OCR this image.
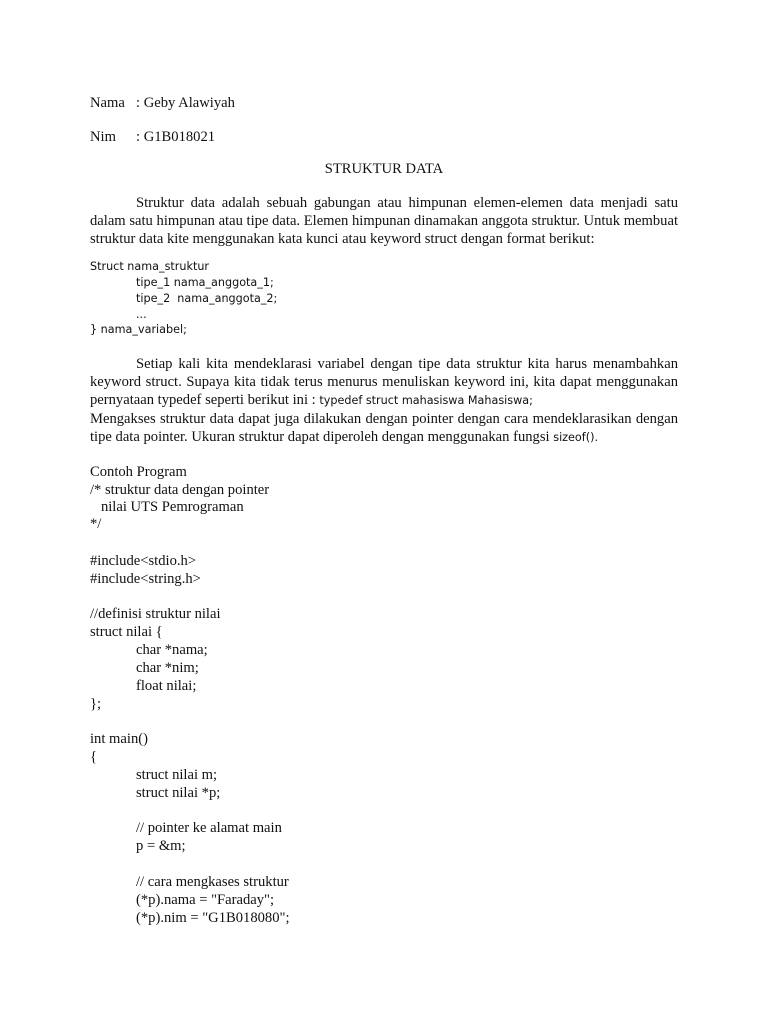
Nama : Geby Alawiyah
Nim : G1B018021
STRUKTUR DATA
Struktur data adalah sebuah gabungan atau himpunan elemen-elemen data menjadi satu dalam satu himpunan atau tipe data. Elemen himpunan dinamakan anggota struktur. Untuk membuat struktur data kite menggunakan kata kunci atau keyword struct dengan format berikut:
Struct nama_struktur
tipe_1 nama_anggota_1;
tipe_2  nama_anggota_2;
...
} nama_variabel;
Setiap kali kita mendeklarasi variabel dengan tipe data struktur kita harus menambahkan keyword struct. Supaya kita tidak terus menurus menuliskan keyword ini, kita dapat menggunakan pernyataan typedef seperti berikut ini : typedef struct mahasiswa Mahasiswa;
Mengakses struktur data dapat juga dilakukan dengan pointer dengan cara mendeklarasikan dengan tipe data pointer. Ukuran struktur dapat diperoleh dengan menggunakan fungsi sizeof().
Contoh Program
/* struktur data dengan pointer
nilai UTS Pemrograman
*/
#include<stdio.h>
#include<string.h>
//definisi struktur nilai
struct nilai {
char *nama;
char *nim;
float nilai;
};
int main()
{
struct nilai m;
struct nilai *p;
// pointer ke alamat main
p = &m;
// cara mengkases struktur
(*p).nama = "Faraday";
(*p).nim = "G1B018080";
